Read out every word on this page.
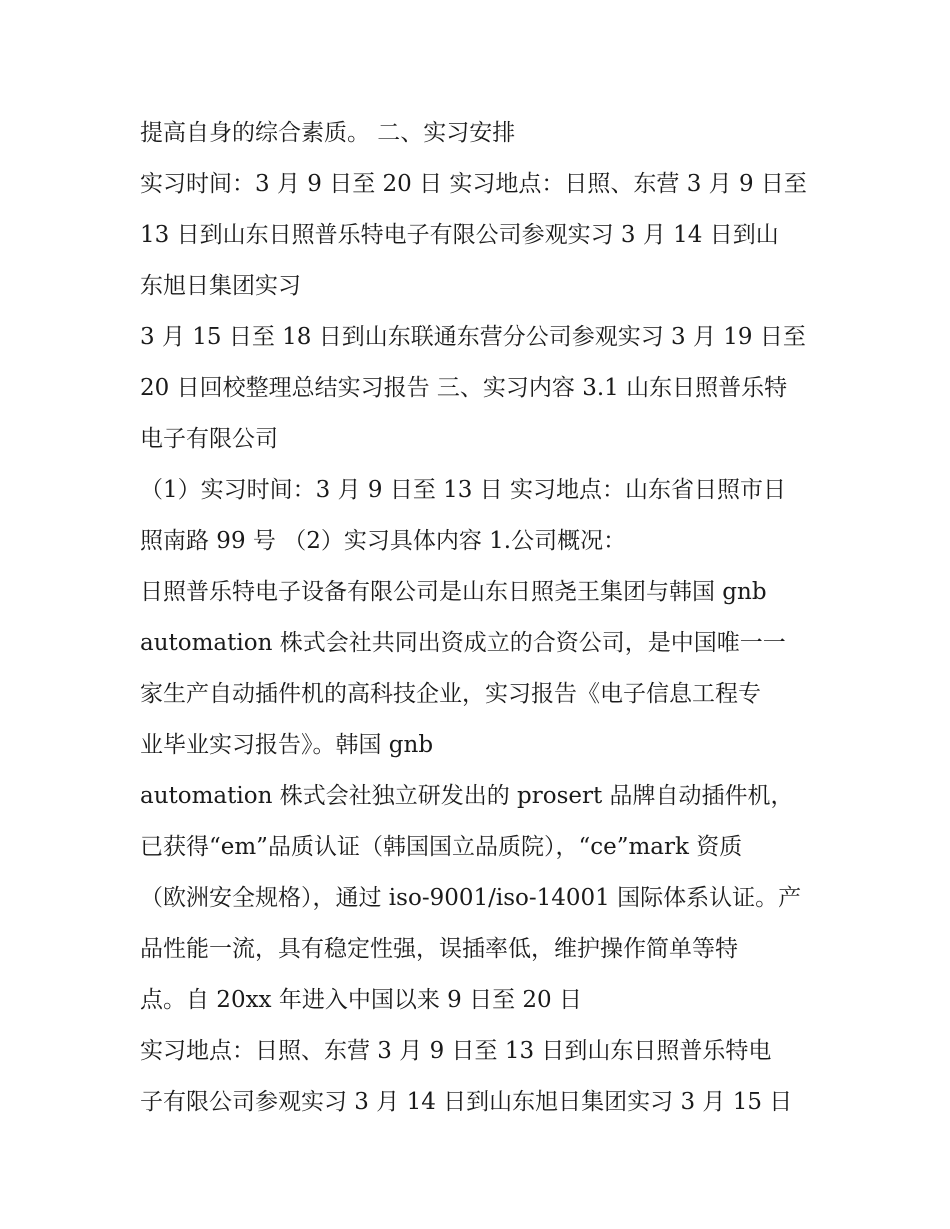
提高自身的综合素质。 二、实习安排
实习时间：3 月 9 日至 20 日 实习地点：日照、东营 3 月 9 日至
13 日到山东日照普乐特电子有限公司参观实习 3 月 14 日到山
东旭日集团实习
3 月 15 日至 18 日到山东联通东营分公司参观实习 3 月 19 日至
20 日回校整理总结实习报告 三、实习内容 3.1 山东日照普乐特
电子有限公司
（1）实习时间：3 月 9 日至 13 日 实习地点：山东省日照市日
照南路 99 号 （2）实习具体内容 1.公司概况：
日照普乐特电子设备有限公司是山东日照尧王集团与韩国 gnb
automation 株式会社共同出资成立的合资公司，是中国唯一一
家生产自动插件机的高科技企业，实习报告《电子信息工程专
业毕业实习报告》。韩国 gnb
automation 株式会社独立研发出的 prosert 品牌自动插件机，
已获得“em”品质认证（韩国国立品质院），“ce”mark 资质
（欧洲安全规格），通过 iso-9001/iso-14001 国际体系认证。产
品性能一流，具有稳定性强，误插率低，维护操作简单等特
点。自 20xx 年进入中国以来 9 日至 20 日
实习地点：日照、东营 3 月 9 日至 13 日到山东日照普乐特电
子有限公司参观实习 3 月 14 日到山东旭日集团实习 3 月 15 日
